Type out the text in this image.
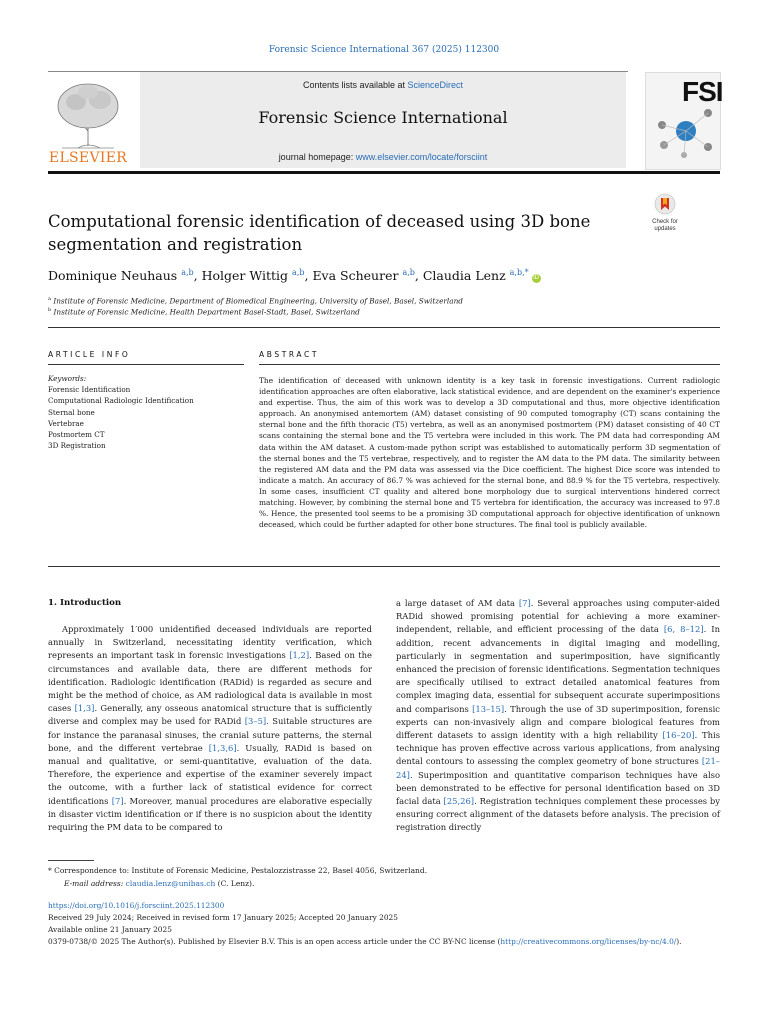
Forensic Science International 367 (2025) 112300
ELSEVIER
Contents lists available at ScienceDirect
Forensic Science International
journal homepage: www.elsevier.com/locate/forsciint
FSI
Check for updates
Computational forensic identification of deceased using 3D bone
segmentation and registration
Dominique Neuhaus $^{a,b}$, Holger Wittig $^{a,b}$, Eva Scheurer $^{a,b}$, Claudia Lenz $^{a,b,*}$iD
$^a$ Institute of Forensic Medicine, Department of Biomedical Engineering, University of Basel, Basel, Switzerland
$^b$ Institute of Forensic Medicine, Health Department Basel-Stadt, Basel, Switzerland
ARTICLE INFO
Keywords:
Forensic Identification
Computational Radiologic Identification
Sternal bone
Vertebrae
Postmortem CT
3D Registration
ABSTRACT
The identification of deceased with unknown identity is a key task in forensic investigations. Current radiologic identification approaches are often elaborative, lack statistical evidence, and are dependent on the examiner's experience and expertise. Thus, the aim of this work was to develop a 3D computational and thus, more objective identification approach. An anonymised antemortem (AM) dataset consisting of 90 computed tomography (CT) scans containing the sternal bone and the fifth thoracic (T5) vertebra, as well as an anonymised postmortem (PM) dataset consisting of 40 CT scans containing the sternal bone and the T5 vertebra were included in this work. The PM data had corresponding AM data within the AM dataset. A custom-made python script was established to automatically perform 3D segmentation of the sternal bones and the T5 vertebrae, respectively, and to register the AM data to the PM data. The similarity between the registered AM data and the PM data was assessed via the Dice coefficient. The highest Dice score was intended to indicate a match. An accuracy of 86.7 % was achieved for the sternal bone, and 88.9 % for the T5 vertebra, respectively. In some cases, insufficient CT quality and altered bone morphology due to surgical interventions hindered correct matching. However, by combining the sternal bone and T5 vertebra for identification, the accuracy was increased to 97.8 %. Hence, the presented tool seems to be a promising 3D computational approach for objective identification of unknown deceased, which could be further adapted for other bone structures. The final tool is publicly available.
1. Introduction

Approximately 1′000 unidentified deceased individuals are reported annually in Switzerland, necessitating identity verification, which represents an important task in forensic investigations [1,2]. Based on the circumstances and available data, there are different methods for identification. Radiologic identification (RADid) is regarded as secure and might be the method of choice, as AM radiological data is available in most cases [1,3]. Generally, any osseous anatomical structure that is sufficiently diverse and complex may be used for RADid [3–5]. Suitable structures are for instance the paranasal sinuses, the cranial suture patterns, the sternal bone, and the different vertebrae [1,3,6]. Usually, RADid is based on manual and qualitative, or semi-quantitative, evaluation of the data. Therefore, the experience and expertise of the examiner severely impact the outcome, with a further lack of statistical evidence for correct identifications [7]. Moreover, manual procedures are elaborative especially in disaster victim identification or if there is no suspicion about the identity requiring the PM data to be compared to

a large dataset of AM data [7]. Several approaches using computer-aided RADid showed promising potential for achieving a more examiner-independent, reliable, and efficient processing of the data [6, 8–12]. In addition, recent advancements in digital imaging and modelling, particularly in segmentation and superimposition, have significantly enhanced the precision of forensic identifications. Segmentation techniques are specifically utilised to extract detailed anatomical features from complex imaging data, essential for subsequent accurate superimpositions and comparisons [13–15]. Through the use of 3D superimposition, forensic experts can non-invasively align and compare biological features from different datasets to assign identity with a high reliability [16–20]. This technique has proven effective across various applications, from analysing dental contours to assessing the complex geometry of bone structures [21–24]. Superimposition and quantitative comparison techniques have also been demonstrated to be effective for personal identification based on 3D facial data [25,26]. Registration techniques complement these processes by ensuring correct alignment of the datasets before analysis. The precision of registration directly

* Correspondence to: Institute of Forensic Medicine, Pestalozzistrasse 22, Basel 4056, Switzerland.
E-mail address: claudia.lenz@unibas.ch (C. Lenz).
https://doi.org/10.1016/j.forsciint.2025.112300
Received 29 July 2024; Received in revised form 17 January 2025; Accepted 20 January 2025
Available online 21 January 2025
0379-0738/© 2025 The Author(s). Published by Elsevier B.V. This is an open access article under the CC BY-NC license (http://creativecommons.org/licenses/by-nc/4.0/).
